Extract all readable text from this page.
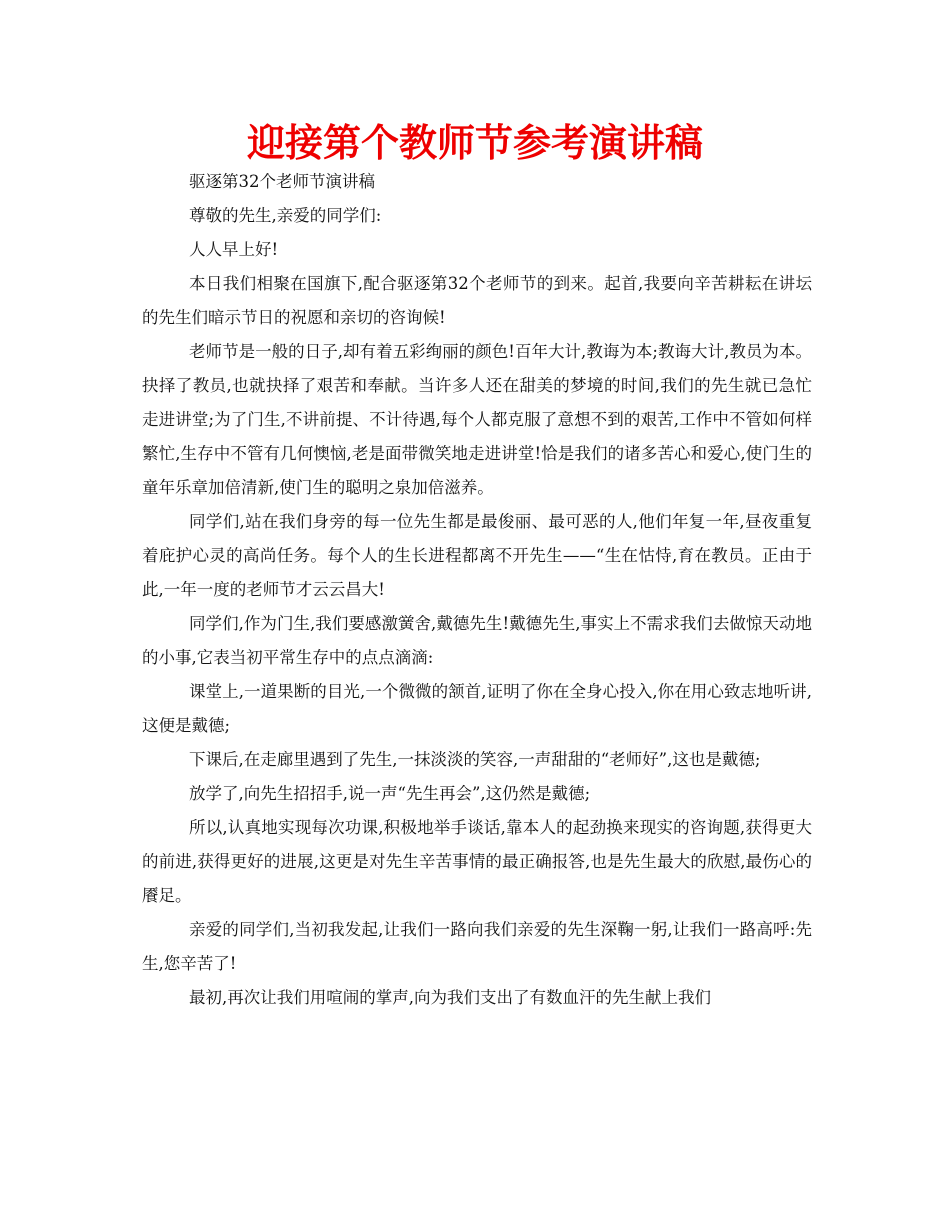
迎接第个教师节参考演讲稿

驱逐第32个老师节演讲稿

尊敬的先生,亲爱的同学们:

人人早上好!

本日我们相聚在国旗下,配合驱逐第32个老师节的到来。起首,我要向辛苦耕耘在讲坛的先生们暗示节日的祝愿和亲切的咨询候!

老师节是一般的日子,却有着五彩绚丽的颜色!百年大计,教诲为本;教诲大计,教员为本。抉择了教员,也就抉择了艰苦和奉献。当许多人还在甜美的梦境的时间,我们的先生就已急忙走进讲堂;为了门生,不讲前提、不计待遇,每个人都克服了意想不到的艰苦,工作中不管如何样繁忙,生存中不管有几何懊恼,老是面带微笑地走进讲堂!恰是我们的诸多苦心和爱心,使门生的童年乐章加倍清新,使门生的聪明之泉加倍滋养。

同学们,站在我们身旁的每一位先生都是最俊丽、最可恶的人,他们年复一年,昼夜重复着庇护心灵的高尚任务。每个人的生长进程都离不开先生——“生在怙恃,育在教员。正由于此,一年一度的老师节才云云昌大!

同学们,作为门生,我们要感激黉舍,戴德先生!戴德先生,事实上不需求我们去做惊天动地的小事,它表当初平常生存中的点点滴滴:

课堂上,一道果断的目光,一个微微的颔首,证明了你在全身心投入,你在用心致志地听讲,这便是戴德;

下课后,在走廊里遇到了先生,一抹淡淡的笑容,一声甜甜的“老师好”,这也是戴德;

放学了,向先生招招手,说一声“先生再会”,这仍然是戴德;

所以,认真地实现每次功课,积极地举手谈话,靠本人的起劲换来现实的咨询题,获得更大的前进,获得更好的进展,这更是对先生辛苦事情的最正确报答,也是先生最大的欣慰,最伤心的餍足。

亲爱的同学们,当初我发起,让我们一路向我们亲爱的先生深鞠一躬,让我们一路高呼:先生,您辛苦了!

最初,再次让我们用喧闹的掌声,向为我们支出了有数血汗的先生献上我们
